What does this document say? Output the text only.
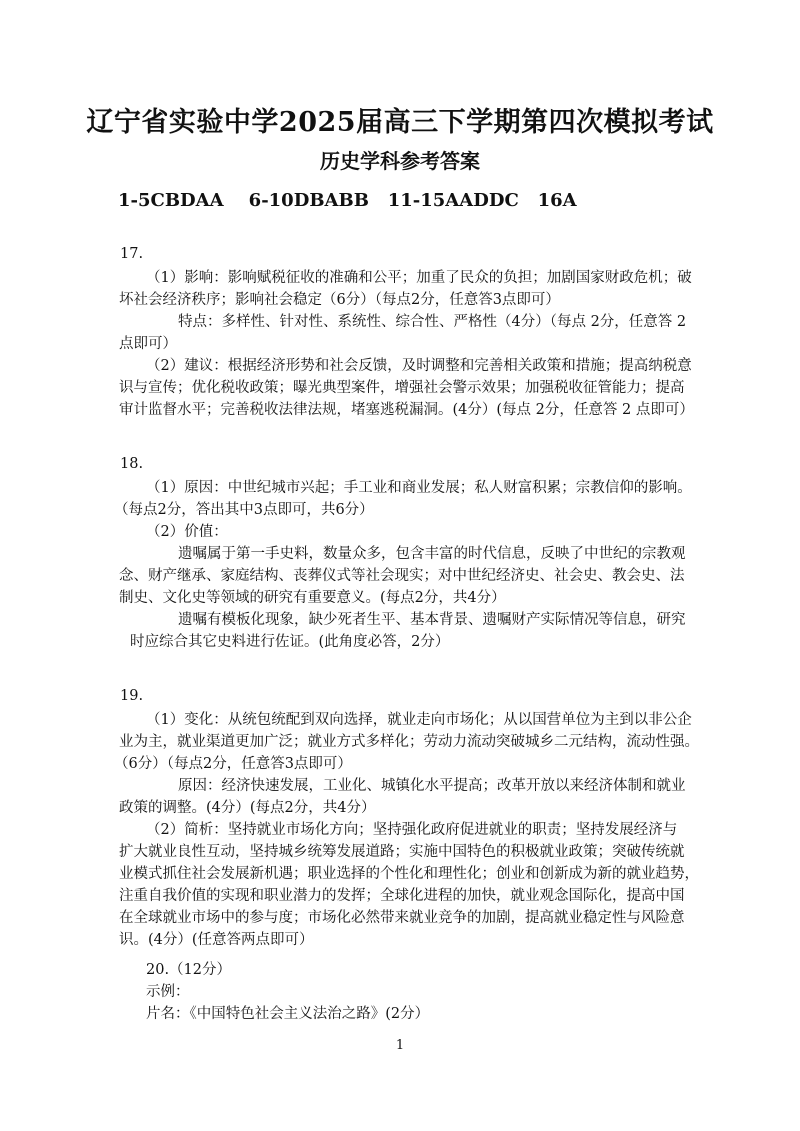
辽宁省实验中学2025届高三下学期第四次模拟考试
历史学科参考答案
1-5CBDAA    6-10DBABB   11-15AADDC   16A
17.
（1）影响：影响赋税征收的准确和公平；加重了民众的负担；加剧国家财政危机；破
坏社会经济秩序；影响社会稳定（6分）（每点2分，任意答3点即可）
特点：多样性、针对性、系统性、综合性、严格性（4分）（每点 2分，任意答 2
点即可）
（2）建议：根据经济形势和社会反馈，及时调整和完善相关政策和措施；提高纳税意
识与宣传；优化税收政策；曝光典型案件，增强社会警示效果；加强税收征管能力；提高
审计监督水平；完善税收法律法规，堵塞逃税漏洞。(4分）(每点 2分，任意答 2 点即可）
18.
（1）原因：中世纪城市兴起；手工业和商业发展；私人财富积累；宗教信仰的影响。
（每点2分，答出其中3点即可，共6分）
（2）价值：
遗嘱属于第一手史料，数量众多，包含丰富的时代信息，反映了中世纪的宗教观
念、财产继承、家庭结构、丧葬仪式等社会现实；对中世纪经济史、社会史、教会史、法
制史、文化史等领域的研究有重要意义。(每点2分，共4分）
遗嘱有模板化现象，缺少死者生平、基本背景、遗嘱财产实际情况等信息，研究
时应综合其它史料进行佐证。(此角度必答，2分）
19.
（1）变化：从统包统配到双向选择，就业走向市场化；从以国营单位为主到以非公企
业为主，就业渠道更加广泛；就业方式多样化；劳动力流动突破城乡二元结构，流动性强。
（6分）（每点2分，任意答3点即可）
原因：经济快速发展，工业化、城镇化水平提高；改革开放以来经济体制和就业
政策的调整。(4分）(每点2分，共4分）
（2）简析：坚持就业市场化方向；坚持强化政府促进就业的职责；坚持发展经济与
扩大就业良性互动，坚持城乡统筹发展道路；实施中国特色的积极就业政策；突破传统就
业模式抓住社会发展新机遇；职业选择的个性化和理性化；创业和创新成为新的就业趋势，
注重自我价值的实现和职业潜力的发挥；全球化进程的加快，就业观念国际化，提高中国
在全球就业市场中的参与度；市场化必然带来就业竞争的加剧，提高就业稳定性与风险意
识。(4分）(任意答两点即可）
20.（12分）
示例：
片名：《中国特色社会主义法治之路》(2分）
1
